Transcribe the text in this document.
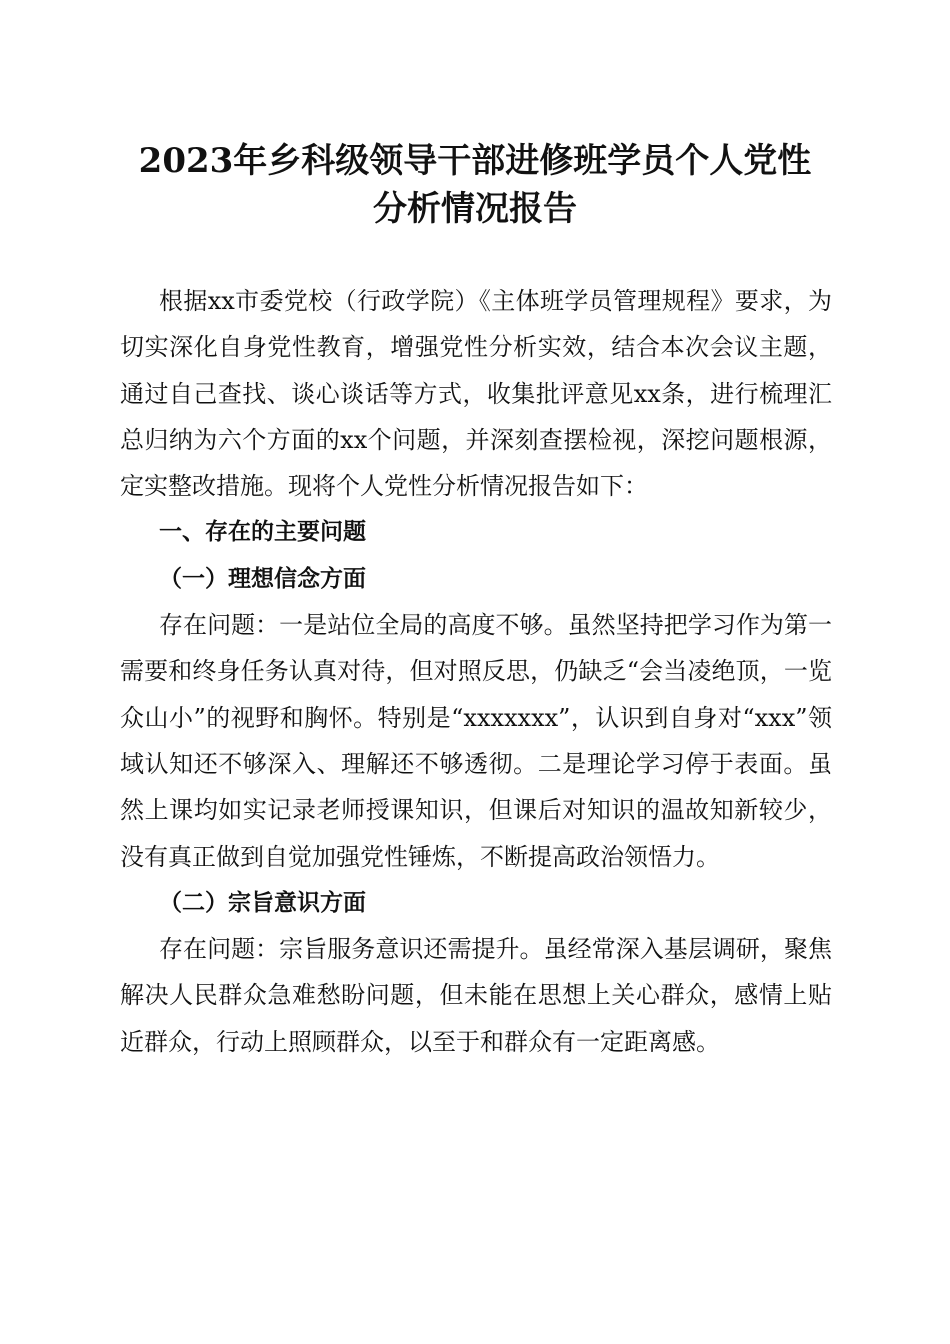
2023年乡科级领导干部进修班学员个人党性
分析情况报告

根据xx市委党校（行政学院）《主体班学员管理规程》要求，为切实深化自身党性教育，增强党性分析实效，结合本次会议主题，通过自己查找、谈心谈话等方式，收集批评意见xx条，进行梳理汇总归纳为六个方面的xx个问题，并深刻查摆检视，深挖问题根源，定实整改措施。现将个人党性分析情况报告如下：

一、存在的主要问题

（一）理想信念方面

存在问题：一是站位全局的高度不够。虽然坚持把学习作为第一需要和终身任务认真对待，但对照反思，仍缺乏“会当凌绝顶，一览众山小”的视野和胸怀。特别是“xxxxxxx”，认识到自身对“xxx”领域认知还不够深入、理解还不够透彻。二是理论学习停于表面。虽然上课均如实记录老师授课知识，但课后对知识的温故知新较少，没有真正做到自觉加强党性锤炼，不断提高政治领悟力。

（二）宗旨意识方面

存在问题：宗旨服务意识还需提升。虽经常深入基层调研，聚焦解决人民群众急难愁盼问题，但未能在思想上关心群众，感情上贴近群众，行动上照顾群众，以至于和群众有一定距离感。
